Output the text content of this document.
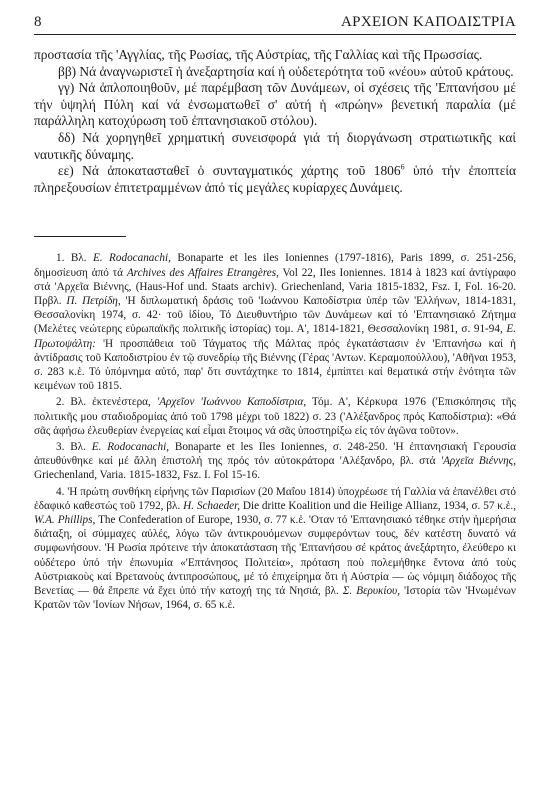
8	ΑΡΧΕΙΟΝ ΚΑΠΟΔΙΣΤΡΙΑ

προστασία τῆς 'Αγγλίας, τῆς Ρωσίας, τῆς Αὐστρίας, τῆς Γαλλίας καὶ τῆς Πρωσσίας.

ββ) Νά ἀναγνωριστεῖ ἡ ἀνεξαρτησία καί ἡ οὐδετερότητα τοῦ «νέου» αὐτοῦ κράτους.

γγ) Νά ἀπλοποιηθοῦν, μέ παρέμβαση τῶν Δυνάμεων, οἱ σχέσεις τῆς 'Επτανήσου μέ τήν ὑψηλή Πύλη καί νά ἐνσωματωθεῖ σ' αὐτή ἡ «πρώην» βενετική παραλία (μέ παράλληλη κατοχύρωση τοῦ ἐπτανησιακοῦ στόλου).

δδ) Νά χορηγηθεῖ χρηματική συνεισφορά γιά τή διοργάνωση στρατιωτικῆς καί ναυτικῆς δύναμης.

εε) Νά ἀποκατασταθεῖ ὁ συνταγματικός χάρτης τοῦ 1806$^6$ ὑπό τήν ἐποπτεία πληρεξουσίων ἐπιτετραμμένων ἀπό τίς μεγάλες κυρίαρχες Δυνάμεις.

1. Βλ. E. Rodocanachi, Bonaparte et les iles Ioniennes (1797-1816), Paris 1899, σ. 251-256, δημοσίευση ἀπό τά Archives des Affaires Etrangères, Vol 22, Iles Ioniennes. 1814 à 1823 καί ἀντίγραφο στά 'Αρχεῖα Βιέννης, (Haus-Hof und. Staats archiv). Griechenland, Varia 1815-1832, Fsz. I, Fol. 16-20. Πρβλ. Π. Πετρίδη, 'Η διπλωματική δράσις τοῦ 'Ιωάννου Καποδίστρια ὑπέρ τῶν 'Ελλήνων, 1814-1831, Θεσσαλονίκη 1974, σ. 42· τοῦ ἰδίου, Τό Διευθυντήριο τῶν Δυνάμεων καί τό 'Επτανησιακό Ζήτημα (Μελέτες νεώτερης εὐρωπαϊκῆς πολιτικῆς ἱστορίας) τομ. Α', 1814-1821, Θεσσαλονίκη 1981, σ. 91-94, Ε. Πρωτοψάλτη: 'Η προσπάθεια τοῦ Τάγματος τῆς Μάλτας πρός ἐγκατάστασιν ἐν 'Επτανήσω καί ἡ ἀντίδρασις τοῦ Καποδιστρίου ἐν τῷ συνεδρίῳ τῆς Βιέννης (Γέρας 'Αντων. Κεραμοπούλλου), 'Αθῆναι 1953, σ. 283 κ.ἑ. Τό ὑπόμνημα αὐτό, παρ' ὅτι συντάχτηκε το 1814, ἐμπίπτει καί θεματικά στήν ἑνότητα τῶν κειμένων τοῦ 1815.

2. Βλ. ἐκτενέστερα, 'Αρχεῖον 'Ιωάννου Καποδίστρια, Τόμ. Α', Κέρκυρα 1976 ('Επισκόπησις τῆς πολιτικῆς μου σταδιοδρομίας ἀπό τοῦ 1798 μέχρι τοῦ 1822) σ. 23 ('Αλέξανδρος πρός Καποδίστρια): «Θά σᾶς ἀφήσω ἐλευθερίαν ἐνεργείας καί εἶμαι ἕτοιμος νά σᾶς ὑποστηρίξω εἰς τόν ἀγῶνα τοῦτον».

3. Βλ. E. Rodocanachi, Bonaparte et les Iles Ioniennes, σ. 248-250. 'Η ἐπτανησιακή Γερουσία ἀπευθύνθηκε καί μέ ἄλλη ἐπιστολή της πρός τόν αὐτοκράτορα 'Αλέξανδρο, βλ. στά 'Αρχεῖα Βιέννης, Griechenland, Varia. 1815-1832, Fsz. I. Fol 15-16.

4. 'Η πρώτη συνθήκη εἰρήνης τῶν Παρισίων (20 Μαΐου 1814) ὑποχρέωσε τή Γαλλία νά ἐπανέλθει στό ἐδαφικό καθεστώς τοῦ 1792, βλ. H. Schaeder, Die dritte Koalition und die Heilige Allianz, 1934, σ. 57 κ.ἑ., W.A. Phillips, The Confederation of Europe, 1930, σ. 77 κ.ἑ. 'Οταν τό 'Επτανησιακό τέθηκε στήν ἡμερήσια διάταξη, οἱ σύμμαχες αὐλές, λόγω τῶν ἀντικρουόμενων συμφερόντων τους, δέν κατέστη δυνατό νά συμφωνήσουν. 'Η Ρωσία πρότεινε τήν ἀποκατάσταση τῆς 'Επτανήσου σέ κράτος ἀνεξάρτητο, ἐλεύθερο κι οὐδέτερο ὑπό τήν ἐπωνυμία «'Επτάνησος Πολιτεία», πρόταση ποὺ πολεμήθηκε ἔντονα ἀπό τοὺς Αὐστριακοὺς καί Βρετανοὺς ἀντιπροσώπους, μέ τό ἐπιχείρημα ὅτι ἡ Αὐστρία — ὡς νόμιμη διάδοχος τῆς Βενετίας — θά ἔπρεπε νά ἔχει ὑπό τήν κατοχή της τά Νησιά, βλ. Σ. Βερυκίου, 'Ιστορία τῶν 'Ηνωμένων Κρατῶν τῶν 'Ιονίων Νήσων, 1964, σ. 65 κ.ἑ.
